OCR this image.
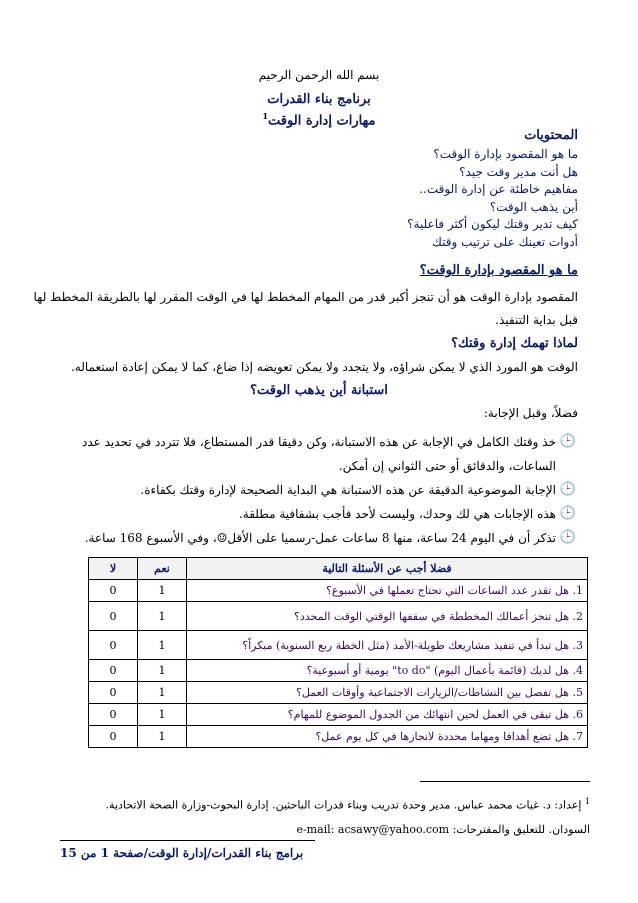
بسم الله الرحمن الرحيم
برنامج بناء القدرات
مهارات إدارة الوقت$^1$
المحتويات
ما هو المقصود بإدارة الوقت؟
هل أنت مدير وقت جيد؟
مفاهيم خاطئة عن إدارة الوقت..
أين يذهب الوقت؟
كيف تدير وقتك ليكون أكثر فاعلية؟
أدوات تعينك على ترتيب وقتك
ما هو المقصود بإدارة الوقت؟
المقصود بإدارة الوقت هو أن تنجز أكبر قدر من المهام المخطط لها في الوقت المقرر لها بالطريقة المخطط لها
قبل بداية التنفيذ.
لماذا تهمك إدارة وقتك؟
الوقت هو المورد الذي لا يمكن شراؤه، ولا يتجدد ولا يمكن تعويضه إذا ضاع، كما لا يمكن إعادة استعماله.
استبانة أين يذهب الوقت؟
فضلاً، وقبل الإجابة:
🕒
خذ وقتك الكامل في الإجابة عن هذه الاستبانة، وكن دقيقا قدر المستطاع، فلا تتردد في تحديد عدد الساعات، والدقائق أو حتى الثواني إن أمكن.
🕒
الإجابة الموضوعية الدقيقة عن هذه الاستبانة هي البداية الصحيحة لإدارة وقتك بكفاءة.
🕒
هذه الإجابات هي لك وحدك، وليست لأحد فأجب بشفافية مطلقة.
🕒
تذكر أن في اليوم 24 ساعة، منها 8 ساعات عمل-رسميا على الأقل☺، وفي الأسبوع 168 ساعة.
فضلا أجب عن الأسئلة التالية	نعم	لا
1. هل تقدر عدد الساعات التي تحتاج تعملها في الأسبوع؟	1	0
2. هل تنجز أعمالك المخططة في سقفها الوقتي الوقت المحدد؟	1	0
3. هل تبدأ في تنفيذ مشاريعك طويلة-الأمد (مثل الخطة ربع السنوية) مبكراً؟	1	0
4. هل لديك (قائمة بأعمال اليوم) "to do" يومية أو أسبوعية؟	1	0
5. هل تفصل بين النشاطات/الزيارات الاجتماعية وأوقات العمل؟	1	0
6. هل تبقى في العمل لحين انتهائك من الجدول الموضوع للمهام؟	1	0
7. هل تضع أهدافا ومهاما محددة لانجازها في كل يوم عمل؟	1	0
$^1$ إعداد: د. غياث محمد عباس. مدير وحدة تدريب وبناء قدرات الباحثين. إدارة البحوث-وزارة الصحة الاتحادية.
السودان. للتعليق والمقترحات: e-mail: acsawy@yahoo.com
برامج بناء القدرات/إدارة الوقت/صفحة 1 من 15
